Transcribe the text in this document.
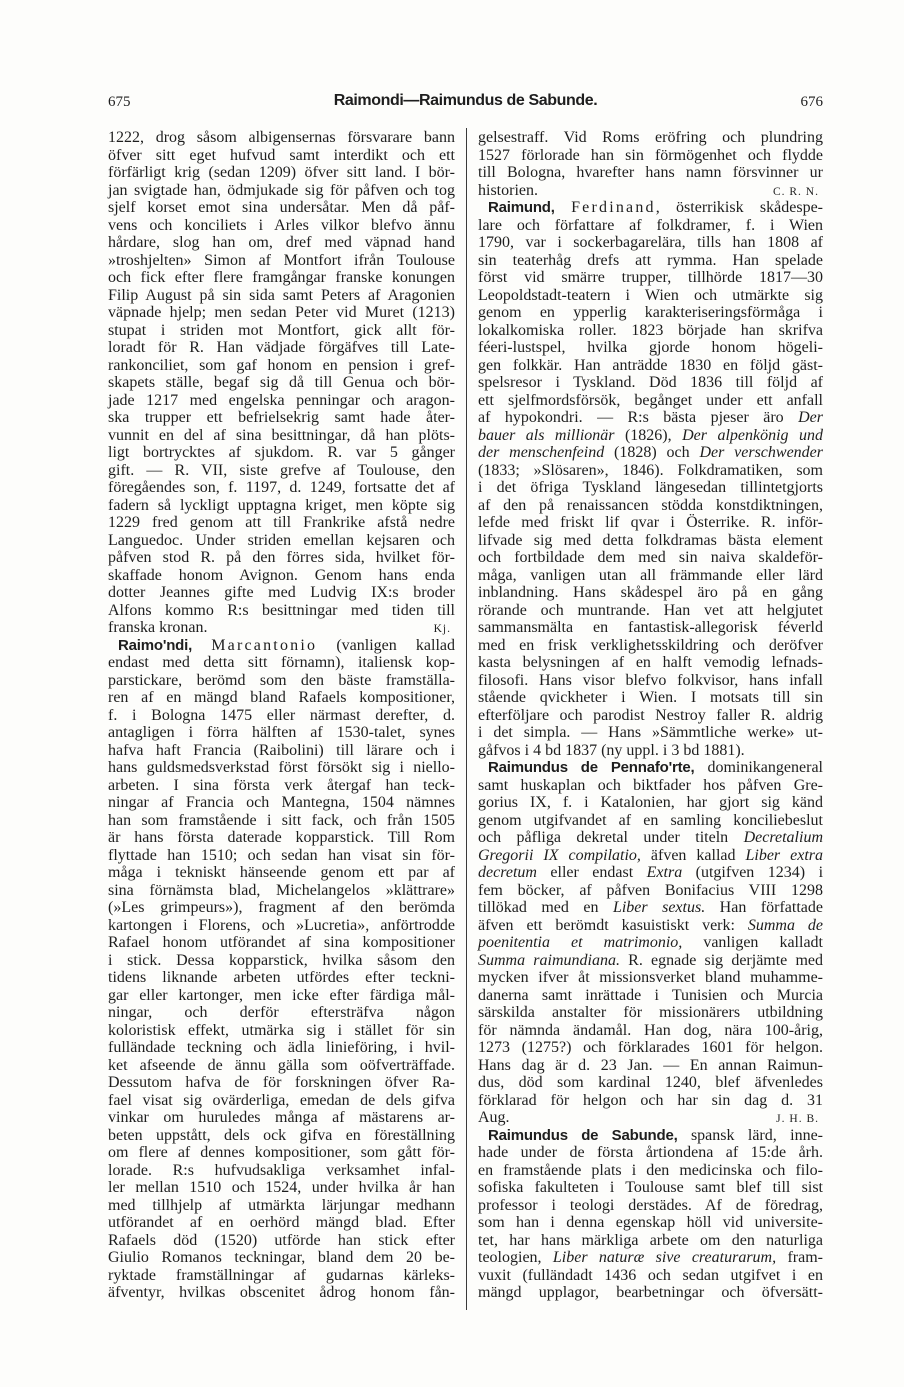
675	Raimondi—Raimundus de Sabunde.	676
1222, drog såsom albigensernas försvarare bann
öfver sitt eget hufvud samt interdikt och ett
förfärligt krig (sedan 1209) öfver sitt land. I bör-
jan svigtade han, ödmjukade sig för påfven och tog
sjelf korset emot sina undersåtar. Men då påf-
vens och konciliets i Arles vilkor blefvo ännu
hårdare, slog han om, dref med väpnad hand
»troshjelten» Simon af Montfort ifrån Toulouse
och fick efter flere framgångar franske konungen
Filip August på sin sida samt Peters af Aragonien
väpnade hjelp; men sedan Peter vid Muret (1213)
stupat i striden mot Montfort, gick allt för-
loradt för R. Han vädjade förgäfves till Late-
rankonciliet, som gaf honom en pension i gref-
skapets ställe, begaf sig då till Genua och bör-
jade 1217 med engelska penningar och aragon-
ska trupper ett befrielsekrig samt hade åter-
vunnit en del af sina besittningar, då han plöts-
ligt bortrycktes af sjukdom. R. var 5 gånger
gift. — R. VII, siste grefve af Toulouse, den
föregåendes son, f. 1197, d. 1249, fortsatte det af
fadern så lyckligt upptagna kriget, men köpte sig
1229 fred genom att till Frankrike afstå nedre
Languedoc. Under striden emellan kejsaren och
påfven stod R. på den förres sida, hvilket för-
skaffade honom Avignon. Genom hans enda
dotter Jeannes gifte med Ludvig IX:s broder
Alfons kommo R:s besittningar med tiden till
franska kronan.	Kj.
Raimo'ndi, Marcantonio (vanligen kallad
endast med detta sitt förnamn), italiensk kop-
parstickare, berömd som den bäste framställa-
ren af en mängd bland Rafaels kompositioner,
f. i Bologna 1475 eller närmast derefter, d.
antagligen i förra hälften af 1530-talet, synes
hafva haft Francia (Raibolini) till lärare och i
hans guldsmedsverkstad först försökt sig i niello-
arbeten. I sina första verk återgaf han teck-
ningar af Francia och Mantegna, 1504 nämnes
han som framstående i sitt fack, och från 1505
är hans första daterade kopparstick. Till Rom
flyttade han 1510; och sedan han visat sin för-
måga i tekniskt hänseende genom ett par af
sina förnämsta blad, Michelangelos »klättrare»
(»Les grimpeurs»), fragment af den berömda
kartongen i Florens, och »Lucretia», anförtrodde
Rafael honom utförandet af sina kompositioner
i stick. Dessa kopparstick, hvilka såsom den
tidens liknande arbeten utfördes efter teckni-
gar eller kartonger, men icke efter färdiga mål-
ningar, och derför eftersträfva någon
koloristisk effekt, utmärka sig i stället för sin
fulländade teckning och ädla linieföring, i hvil-
ket afseende de ännu gälla som oöfverträffade.
Dessutom hafva de för forskningen öfver Ra-
fael visat sig ovärderliga, emedan de dels gifva
vinkar om huruledes många af mästarens ar-
beten uppstått, dels ock gifva en föreställning
om flere af dennes kompositioner, som gått för-
lorade. R:s hufvudsakliga verksamhet infal-
ler mellan 1510 och 1524, under hvilka år han
med tillhjelp af utmärkta lärjungar medhann
utförandet af en oerhörd mängd blad. Efter
Rafaels död (1520) utförde han stick efter
Giulio Romanos teckningar, bland dem 20 be-
ryktade framställningar af gudarnas kärleks-
äfventyr, hvilkas obscenitet ådrog honom fån-
gelsestraff. Vid Roms eröfring och plundring
1527 förlorade han sin förmögenhet och flydde
till Bologna, hvarefter hans namn försvinner ur
historien.	C. R. N.
Raimund, Ferdinand, österrikisk skådespe-
lare och författare af folkdramer, f. i Wien
1790, var i sockerbagarelära, tills han 1808 af
sin teaterhåg drefs att rymma. Han spelade
först vid smärre trupper, tillhörde 1817—30
Leopoldstadt-teatern i Wien och utmärkte sig
genom en ypperlig karakteriseringsförmåga i
lokalkomiska roller. 1823 började han skrifva
féeri-lustspel, hvilka gjorde honom högeli-
gen folkkär. Han anträdde 1830 en följd gäst-
spelsresor i Tyskland. Död 1836 till följd af
ett sjelfmordsförsök, begånget under ett anfall
af hypokondri. — R:s bästa pjeser äro Der
bauer als millionär (1826), Der alpenkönig und
der menschenfeind (1828) och Der verschwender
(1833; »Slösaren», 1846). Folkdramatiken, som
i det öfriga Tyskland längesedan tillintetgjorts
af den på renaissancen stödda konstdiktningen,
lefde med friskt lif qvar i Österrike. R. inför-
lifvade sig med detta folkdramas bästa element
och fortbildade dem med sin naiva skaldeför-
måga, vanligen utan all främmande eller lärd
inblandning. Hans skådespel äro på en gång
rörande och muntrande. Han vet att helgjutet
sammansmälta en fantastisk-allegorisk féverld
med en frisk verklighetsskildring och deröfver
kasta belysningen af en halft vemodig lefnads-
filosofi. Hans visor blefvo folkvisor, hans infall
stående qvickheter i Wien. I motsats till sin
efterföljare och parodist Nestroy faller R. aldrig
i det simpla. — Hans »Sämmtliche werke» ut-
gåfvos i 4 bd 1837 (ny uppl. i 3 bd 1881).
Raimundus de Pennafo'rte, dominikangeneral
samt huskaplan och biktfader hos påfven Gre-
gorius IX, f. i Katalonien, har gjort sig känd
genom utgifvandet af en samling konciliebeslut
och påfliga dekretal under titeln Decretalium
Gregorii IX compilatio, äfven kallad Liber extra
decretum eller endast Extra (utgifven 1234) i
fem böcker, af påfven Bonifacius VIII 1298
tillökad med en Liber sextus. Han författade
äfven ett berömdt kasuistiskt verk: Summa de
poenitentia et matrimonio, vanligen kalladt
Summa raimundiana. R. egnade sig derjämte med
mycken ifver åt missionsverket bland muhamme-
danerna samt inrättade i Tunisien och Murcia
särskilda anstalter för missionärers utbildning
för nämnda ändamål. Han dog, nära 100-årig,
1273 (1275?) och förklarades 1601 för helgon.
Hans dag är d. 23 Jan. — En annan Raimun-
dus, död som kardinal 1240, blef äfvenledes
förklarad för helgon och har sin dag d. 31
Aug.	J. H. B.
Raimundus de Sabunde, spansk lärd, inne-
hade under de första årtiondena af 15:de årh.
en framstående plats i den medicinska och filo-
sofiska fakulteten i Toulouse samt blef till sist
professor i teologi derstädes. Af de föredrag,
som han i denna egenskap höll vid universite-
tet, har hans märkliga arbete om den naturliga
teologien, Liber naturæ sive creaturarum, fram-
vuxit (fulländadt 1436 och sedan utgifvet i en
mängd upplagor, bearbetningar och öfversätt-
